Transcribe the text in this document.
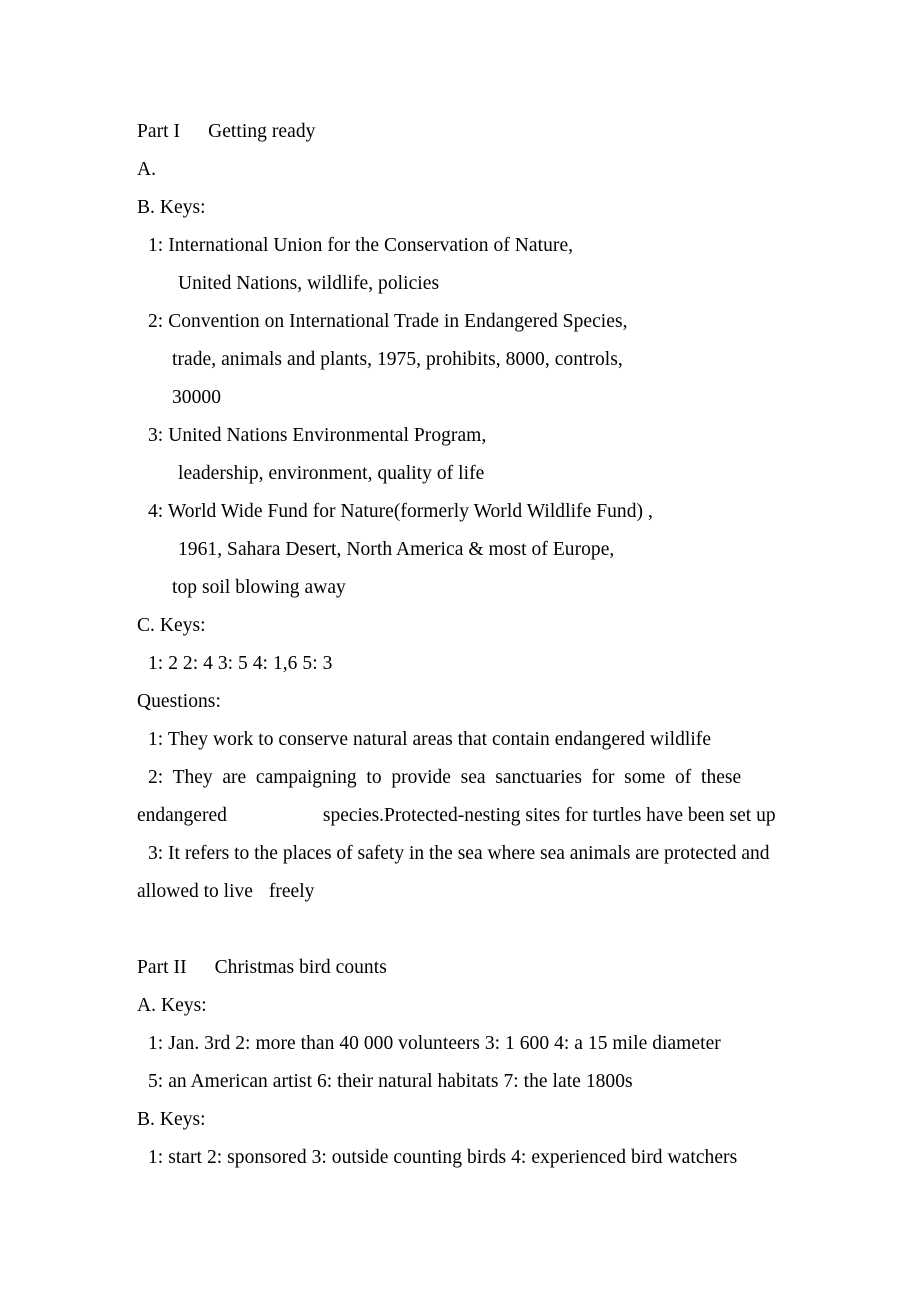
Part I Getting ready
A.
B. Keys:
1: International Union for the Conservation of Nature,
United Nations, wildlife, policies
2: Convention on International Trade in Endangered Species,
trade, animals and plants, 1975, prohibits, 8000, controls,
30000
3: United Nations Environmental Program,
leadership, environment, quality of life
4: World Wide Fund for Nature(formerly World Wildlife Fund) ,
1961, Sahara Desert, North America & most of Europe,
top soil blowing away
C. Keys:
1: 2 2: 4 3: 5 4: 1,6 5: 3
Questions:
1: They work to conserve natural areas that contain endangered wildlife
2:  They  are  campaigning  to  provide  sea  sanctuaries  for  some  of  these
endangered	species.Protected-nesting sites for turtles have been set up
3: It refers to the places of safety in the sea where sea animals are protected and
allowed to live freely
Part II Christmas bird counts
A. Keys:
1: Jan. 3rd 2: more than 40 000 volunteers 3: 1 600 4: a 15 mile diameter
5: an American artist 6: their natural habitats 7: the late 1800s
B. Keys:
1: start 2: sponsored 3: outside counting birds 4: experienced bird watchers
